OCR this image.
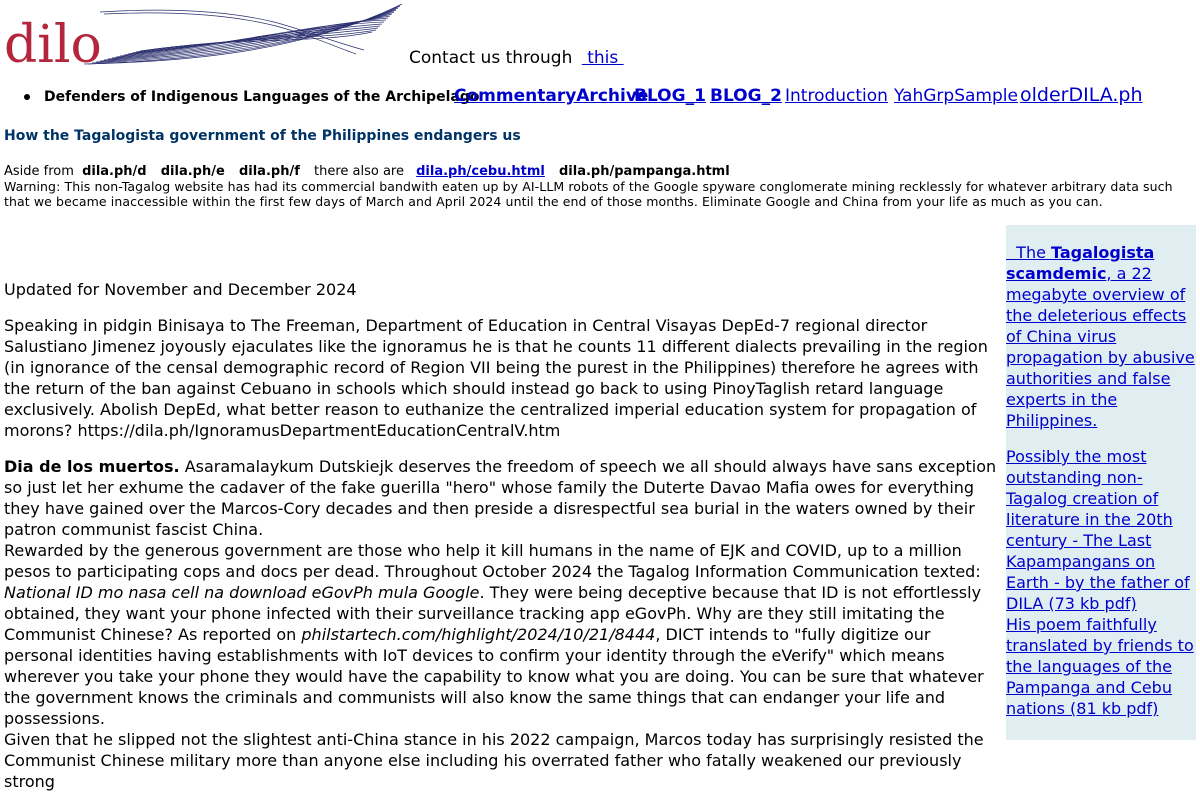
dilo	Contact us through  this
Defenders of Indigenous Languages of the Archipelago
CommentaryArchive
BLOG_1 BLOG_2 Introduction YahGrpSample olderDILA.ph
How the Tagalogista government of the Philippines endangers us
Aside from dila.ph/d dila.ph/e dila.ph/f there also are dila.ph/cebu.html dila.ph/pampanga.html
Warning: This non-Tagalog website has had its commercial bandwith eaten up by AI-LLM robots of the Google spyware conglomerate mining recklessly for whatever arbitrary data such that we became inaccessible within the first few days of March and April 2024 until the end of those months. Eliminate Google and China from your life as much as you can.

Updated for November and December 2024

Speaking in pidgin Binisaya to The Freeman, Department of Education in Central Visayas DepEd-7 regional director Salustiano Jimenez joyously ejaculates like the ignoramus he is that he counts 11 different dialects prevailing in the region (in ignorance of the censal demographic record of Region VII being the purest in the Philippines) therefore he agrees with the return of the ban against Cebuano in schools which should instead go back to using PinoyTaglish retard language exclusively. Abolish DepEd, what better reason to euthanize the centralized imperial education system for propagation of morons? https://dila.ph/IgnoramusDepartmentEducationCentralV.htm

Dia de los muertos. Asaramalaykum Dutskiejk deserves the freedom of speech we all should always have sans exception so just let her exhume the cadaver of the fake guerilla "hero" whose family the Duterte Davao Mafia owes for everything they have gained over the Marcos-Cory decades and then preside a disrespectful sea burial in the waters owned by their patron communist fascist China.

Rewarded by the generous government are those who help it kill humans in the name of EJK and COVID, up to a million pesos to participating cops and docs per dead. Throughout October 2024 the Tagalog Information Communication texted: National ID mo nasa cell na download eGovPh mula Google. They were being deceptive because that ID is not effortlessly obtained, they want your phone infected with their surveillance tracking app eGovPh. Why are they still imitating the Communist Chinese? As reported on philstartech.com/highlight/2024/10/21/8444, DICT intends to "fully digitize our personal identities having establishments with IoT devices to confirm your identity through the eVerify" which means wherever you take your phone they would have the capability to know what you are doing. You can be sure that whatever the government knows the criminals and communists will also know the same things that can endanger your life and possessions.

Given that he slipped not the slightest anti-China stance in his 2022 campaign, Marcos today has surprisingly resisted the Communist Chinese military more than anyone else including his overrated father who fatally weakened our previously strong

The Tagalogista scamdemic, a 22 megabyte overview of the deleterious effects of China virus propagation by abusive authorities and false experts in the Philippines.
Possibly the most outstanding non-Tagalog creation of literature in the 20th century - The Last Kapampangans on Earth - by the father of DILA (73 kb pdf)
His poem faithfully translated by friends to the languages of the Pampanga and Cebu nations (81 kb pdf)
